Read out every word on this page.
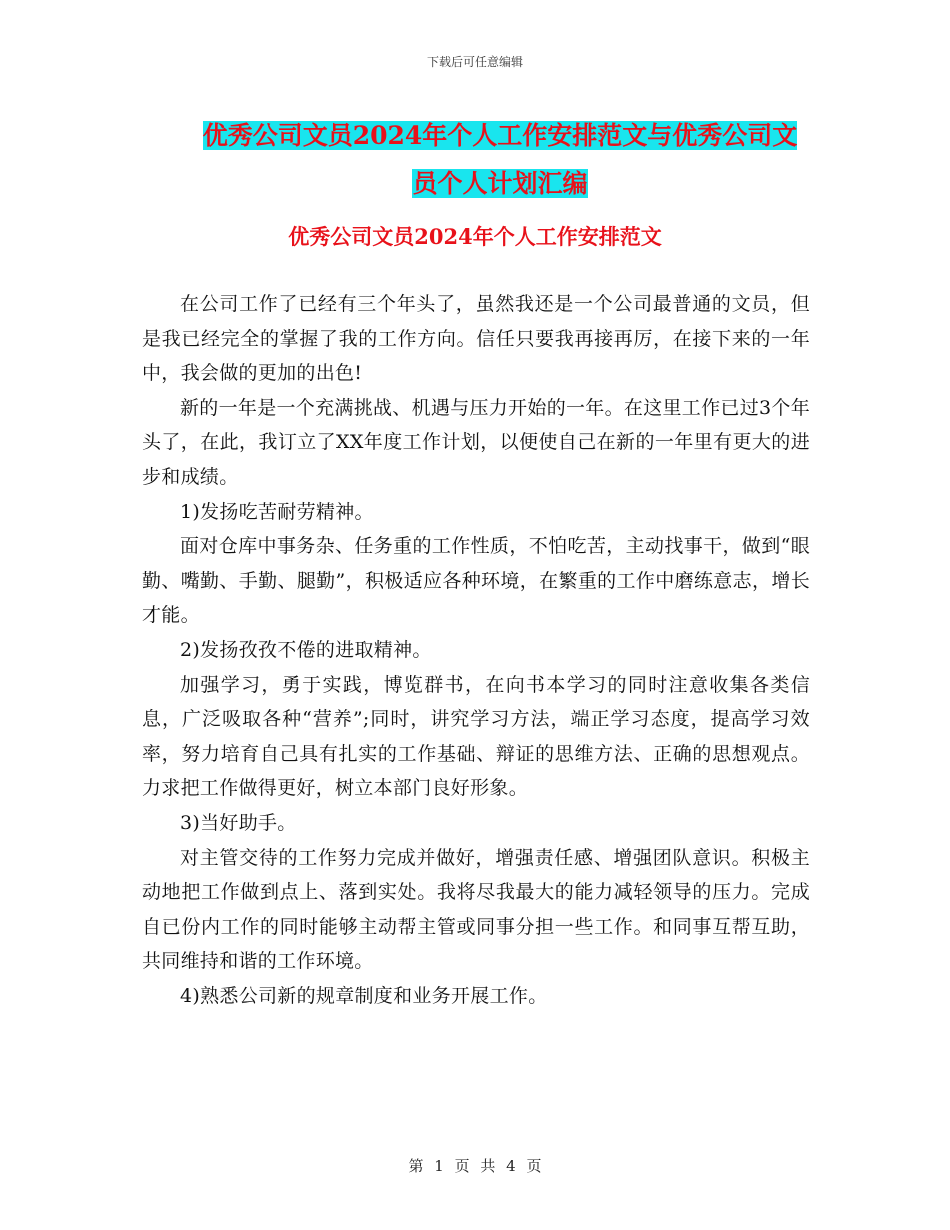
下载后可任意编辑
优秀公司文员2024年个人工作安排范文与优秀公司文
员个人计划汇编
优秀公司文员2024年个人工作安排范文

在公司工作了已经有三个年头了，虽然我还是一个公司最普通的文员，但是我已经完全的掌握了我的工作方向。信任只要我再接再厉，在接下来的一年中，我会做的更加的出色!

新的一年是一个充满挑战、机遇与压力开始的一年。在这里工作已过3个年头了，在此，我订立了XX年度工作计划，以便使自己在新的一年里有更大的进步和成绩。

1)发扬吃苦耐劳精神。

面对仓库中事务杂、任务重的工作性质，不怕吃苦，主动找事干，做到“眼勤、嘴勤、手勤、腿勤”，积极适应各种环境，在繁重的工作中磨练意志，增长才能。

2)发扬孜孜不倦的进取精神。

加强学习，勇于实践，博览群书，在向书本学习的同时注意收集各类信息，广泛吸取各种“营养”;同时，讲究学习方法，端正学习态度，提高学习效率，努力培育自己具有扎实的工作基础、辩证的思维方法、正确的思想观点。力求把工作做得更好，树立本部门良好形象。

3)当好助手。

对主管交待的工作努力完成并做好，增强责任感、增强团队意识。积极主动地把工作做到点上、落到实处。我将尽我最大的能力减轻领导的压力。完成自已份内工作的同时能够主动帮主管或同事分担一些工作。和同事互帮互助，共同维持和谐的工作环境。

4)熟悉公司新的规章制度和业务开展工作。

第 1 页 共 4 页
